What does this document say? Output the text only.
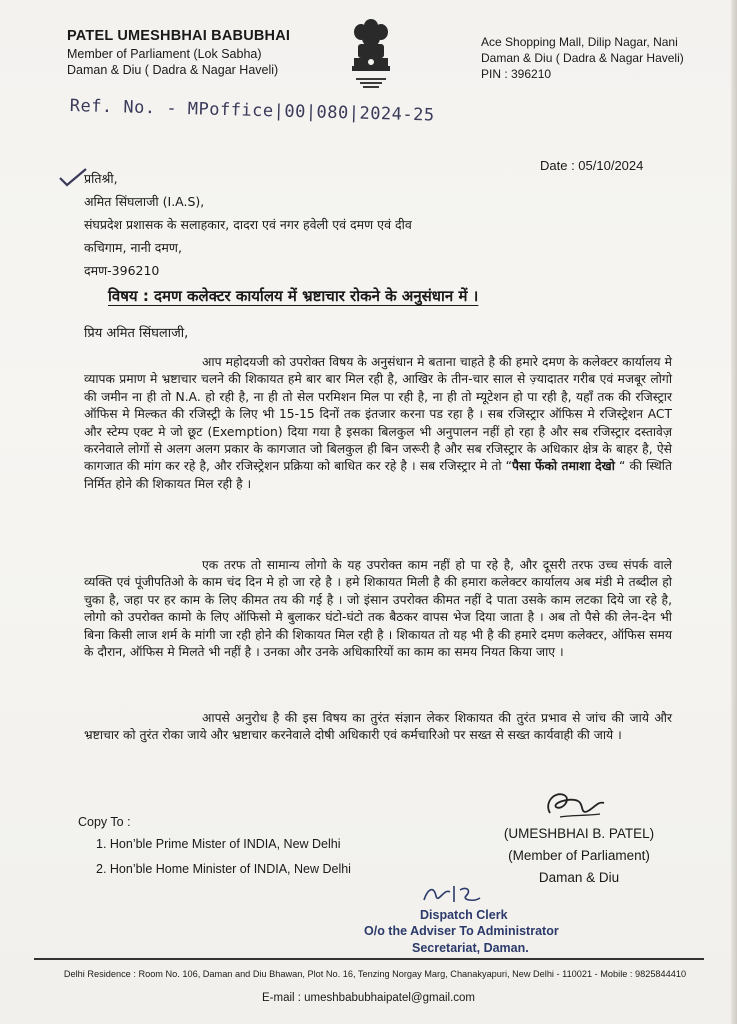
PATEL UMESHBHAI BABUBHAI
Member of Parliament (Lok Sabha)
Daman & Diu ( Dadra & Nagar Haveli)
Ace Shopping Mall, Dilip Nagar, Nani
Daman & Diu ( Dadra & Nagar Haveli)
PIN : 396210
Ref. No. - MPoffice|00|080|2024-25
Date : 05/10/2024
प्रतिश्री,
अमित सिंघलाजी (I.A.S),
संघप्रदेश प्रशासक के सलाहकार, दादरा एवं नगर हवेली एवं दमण एवं दीव
कचिगाम, नानी दमण,
दमण-396210
विषय : दमण कलेक्टर कार्यालय में भ्रष्टाचार रोकने के अनुसंधान में ।
प्रिय अमित सिंघलाजी,
आप महोदयजी को उपरोक्त विषय के अनुसंधान मे बताना चाहते है की हमारे दमण के कलेक्टर कार्यालय मे व्यापक प्रमाण मे भ्रष्टाचार चलने की शिकायत हमे बार बार मिल रही है, आखिर के तीन-चार साल से ज़्यादातर गरीब एवं मजबूर लोगो की जमीन ना ही तो N.A. हो रही है, ना ही तो सेल परमिशन मिल पा रही है, ना ही तो म्यूटेशन हो पा रही है, यहाँ तक की रजिस्ट्रार ऑफिस मे मिल्कत की रजिस्ट्री के लिए भी 15-15 दिनों तक इंतजार करना पड रहा है । सब रजिस्ट्रार ऑफिस मे रजिस्ट्रेशन ACT और स्टेम्प एक्ट मे जो छूट (Exemption) दिया गया है इसका बिलकुल भी अनुपालन नहीं हो रहा है और सब रजिस्ट्रार दस्तावेज़ करनेवाले लोगों से अलग अलग प्रकार के कागजात जो बिलकुल ही बिन जरूरी है और सब रजिस्ट्रार के अधिकार क्षेत्र के बाहर है, ऐसे कागजात की मांग कर रहे है, और रजिस्ट्रेशन प्रक्रिया को बाधित कर रहे है । सब रजिस्ट्रार मे तो “पैसा फेंको तमाशा देखो “ की स्थिति निर्मित होने की शिकायत मिल रही है ।
एक तरफ तो सामान्य लोगो के यह उपरोक्त काम नहीं हो पा रहे है, और दूसरी तरफ उच्च संपर्क वाले व्यक्ति एवं पूंजीपतिओ के काम चंद दिन मे हो जा रहे है । हमे शिकायत मिली है की हमारा कलेक्टर कार्यालय अब मंडी मे तब्दील हो चुका है, जहा पर हर काम के लिए कीमत तय की गई है । जो इंसान उपरोक्त कीमत नहीं दे पाता उसके काम लटका दिये जा रहे है, लोगो को उपरोक्त कामो के लिए ऑफिसो मे बुलाकर घंटो-घंटो तक बैठकर वापस भेज दिया जाता है । अब तो पैसे की लेन-देन भी बिना किसी लाज शर्म के मांगी जा रही होने की शिकायत मिल रही है । शिकायत तो यह भी है की हमारे दमण कलेक्टर, ऑफिस समय के दौरान, ऑफिस मे मिलते भी नहीं है । उनका और उनके अधिकारियों का काम का समय नियत किया जाए ।
आपसे अनुरोध है की इस विषय का तुरंत संज्ञान लेकर शिकायत की तुरंत प्रभाव से जांच की जाये और भ्रष्टाचार को तुरंत रोका जाये और भ्रष्टाचार करनेवाले दोषी अधिकारी एवं कर्मचारिओ पर सख्त से सख्त कार्यवाही की जाये ।
Copy To :
1. Hon’ble Prime Mister of INDIA, New Delhi
2. Hon’ble Home Minister of INDIA, New Delhi
(UMESHBHAI B. PATEL)
(Member of Parliament)
Daman & Diu
Dispatch Clerk
O/o the Adviser To Administrator
Secretariat, Daman.
Delhi Residence : Room No. 106, Daman and Diu Bhawan, Plot No. 16, Tenzing Norgay Marg, Chanakyapuri, New Delhi - 110021 - Mobile : 9825844410
E-mail : umeshbabubhaipatel@gmail.com
